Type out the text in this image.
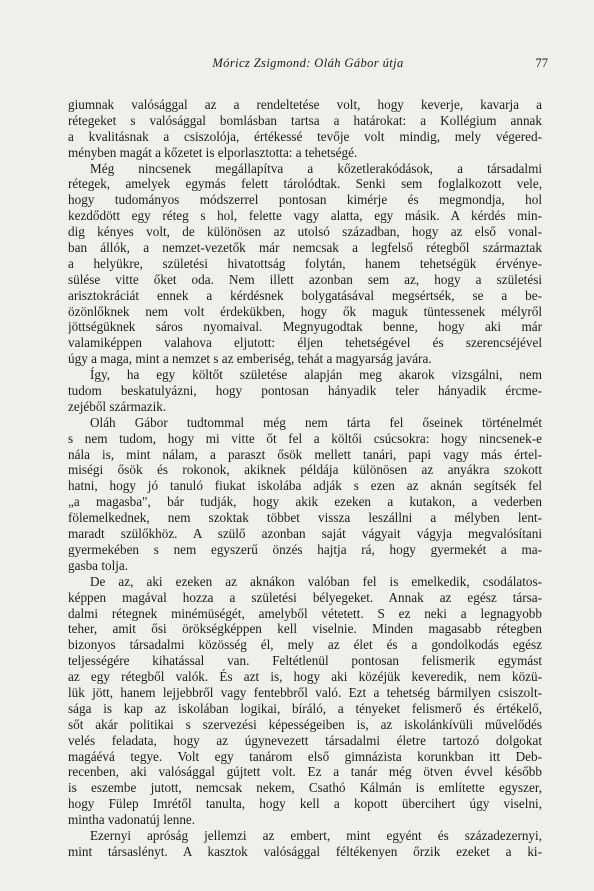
Móricz Zsigmond: Oláh Gábor útja	77
giumnak valósággal az a rendeltetése volt, hogy keverje, kavarja a
rétegeket s valósággal bomlásban tartsa a határokat: a Kollégium annak
a kvalitásnak a csiszolója, értékessé tevője volt mindig, mely végered-
ményben magát a kőzetet is elporlasztotta: a tehetségé.
Még nincsenek megállapítva a kőzetlerakódások, a társadalmi
rétegek, amelyek egymás felett tárolódtak. Senki sem foglalkozott vele,
hogy tudományos módszerrel pontosan kimérje és megmondja, hol
kezdődött egy réteg s hol, felette vagy alatta, egy másik. A kérdés min-
dig kényes volt, de különösen az utolsó században, hogy az első vonal-
ban állók, a nemzet-vezetők már nemcsak a legfelső rétegből származtak
a helyükre, születési hivatottság folytán, hanem tehetségük érvénye-
sülése vitte őket oda. Nem illett azonban sem az, hogy a születési
arisztokráciát ennek a kérdésnek bolygatásával megsértsék, se a be-
özönlőknek nem volt érdekükben, hogy ők maguk tüntessenek mélyről
jöttségüknek sáros nyomaival. Megnyugodtak benne, hogy aki már
valamiképpen valahova eljutott: éljen tehetségével és szerencséjével
úgy a maga, mint a nemzet s az emberiség, tehát a magyarság javára.
Így, ha egy költőt születése alapján meg akarok vizsgálni, nem
tudom beskatulyázni, hogy pontosan hányadik teler hányadik ércme-
zejéből származik.
Oláh Gábor tudtommal még nem tárta fel őseinek történelmét
s nem tudom, hogy mi vitte őt fel a költői csúcsokra: hogy nincsenek-e
nála is, mint nálam, a paraszt ősök mellett tanári, papi vagy más értel-
miségi ősök és rokonok, akiknek példája különösen az anyákra szokott
hatni, hogy jó tanuló fiukat iskolába adják s ezen az aknán segítsék fel
„a magasba", bár tudják, hogy akik ezeken a kutakon, a vederben
fölemelkednek, nem szoktak többet vissza leszállni a mélyben lent-
maradt szülőkhöz. A szülő azonban saját vágyait vágyja megvalósítani
gyermekében s nem egyszerű önzés hajtja rá, hogy gyermekét a ma-
gasba tolja.
De az, aki ezeken az aknákon valóban fel is emelkedik, csodálatos-
képpen magával hozza a születési bélyegeket. Annak az egész társa-
dalmi rétegnek minémüségét, amelyből vétetett. S ez neki a legnagyobb
teher, amit ősi örökségképpen kell viselnie. Minden magasabb rétegben
bizonyos társadalmi közösség él, mely az élet és a gondolkodás egész
teljességére kihatással van. Feltétlenül pontosan felismerik egymást
az egy rétegből valók. És azt is, hogy aki közéjük keveredik, nem közü-
lük jött, hanem lejjebbről vagy fentebbről való. Ezt a tehetség bármilyen csiszolt-
sága is kap az iskolában logikai, bíráló, a tényeket felismerő és értékelő,
sőt akár politikai s szervezési képességeiben is, az iskolánkívüli művelődés
velés feladata, hogy az úgynevezett társadalmi életre tartozó dolgokat
magáévá tegye. Volt egy tanárom első gimnázista korunkban itt Deb-
recenben, aki valósággal gújtett volt. Ez a tanár még ötven évvel később
is eszembe jutott, nemcsak nekem, Csathó Kálmán is említette egyszer,
hogy Fülep Imrétől tanulta, hogy kell a kopott übercihert úgy viselni,
mintha vadonatúj lenne.
Ezernyi apróság jellemzi az embert, mint egyént és századezernyi,
mint társaslényt. A kasztok valósággal féltékenyen őrzik ezeket a ki-
